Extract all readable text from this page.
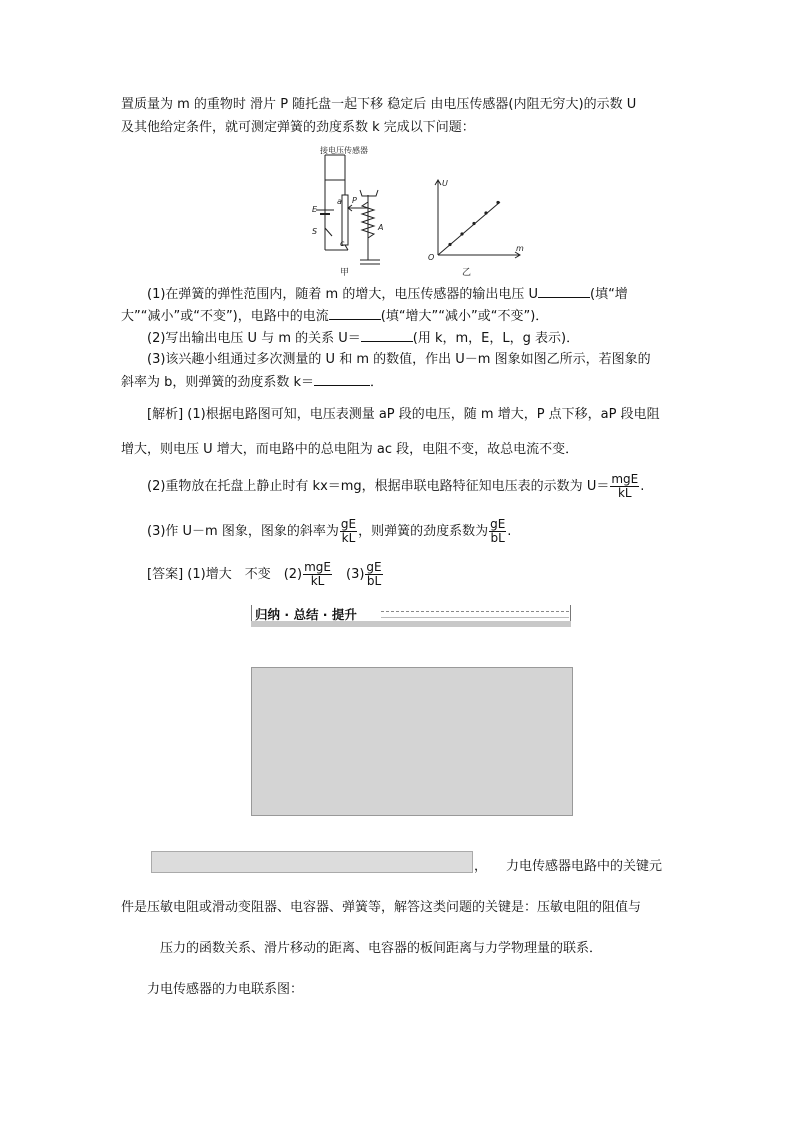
置质量为 m 的重物时 滑片 P 随托盘一起下移 稳定后 由电压传感器(内阻无穷大)的示数 U
及其他给定条件，就可测定弹簧的劲度系数 k 完成以下问题：
E
S
a
c
P
A
接电压传感器
甲
U
m
O
乙
(1)在弹簧的弹性范围内，随着 m 的增大，电压传感器的输出电压 U	(填“增
大”“减小”或“不变”)，电路中的电流	(填“增大”“减小”或“不变”)．
(2)写出输出电压 U 与 m 的关系 U＝	(用 k，m，E，L，g 表示)．
(3)该兴趣小组通过多次测量的 U 和 m 的数值，作出 U－m 图象如图乙所示，若图象的
斜率为 b，则弹簧的劲度系数 k＝	．
[解析] (1)根据电路图可知，电压表测量 aP 段的电压，随 m 增大，P 点下移，aP 段电阻
增大，则电压 U 增大，而电路中的总电阻为 ac 段，电阻不变，故总电流不变．
(2)重物放在托盘上静止时有 kx＝mg，根据串联电路特征知电压表的示数为 $U= \frac{\text{mgE}}{kL}$ .
(3)作 U－m 图象，图象的斜率为 $\frac{gE}{kL}$ ，则弹簧的劲度系数为 $\frac{gE}{bL}$ .
[答案] (1)增大　不变　$(2) \frac{\text{mgE}}{kL}$ 　$(3) \frac{gE}{bL}$
归纳 · 总结 · 提升
， 力电传感器电路中的关键元
件是压敏电阻或滑动变阻器、电容器、弹簧等，解答这类问题的关键是：压敏电阻的阻值与
压力的函数关系、滑片移动的距离、电容器的板间距离与力学物理量的联系．
力电传感器的力电联系图：
